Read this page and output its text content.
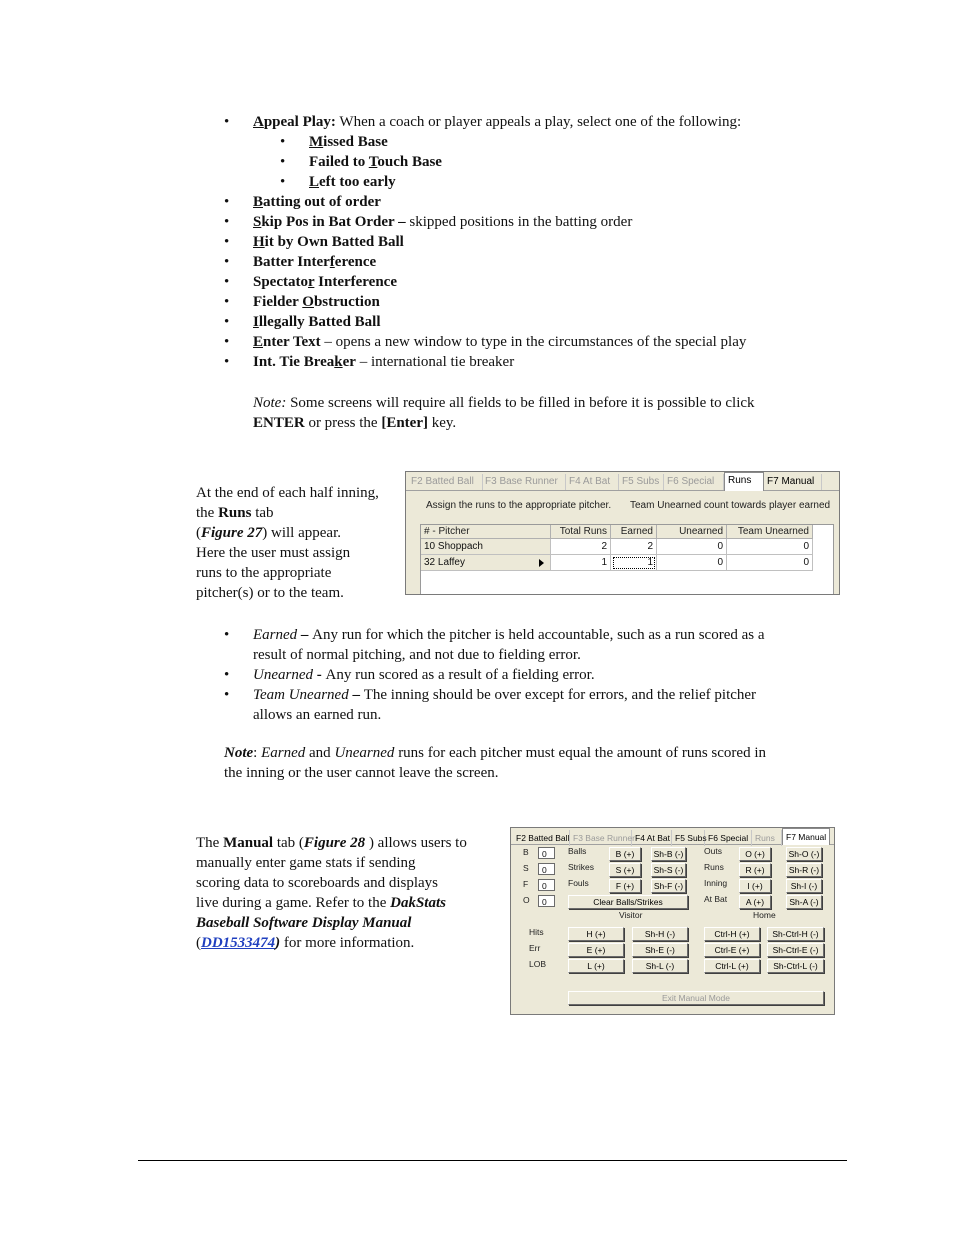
• Appeal Play: When a coach or player appeals a play, select one of the following:
• Missed Base
• Failed to Touch Base
• Left too early
• Batting out of order
• Skip Pos in Bat Order – skipped positions in the batting order
• Hit by Own Batted Ball
• Batter Interference
• Spectator Interference
• Fielder Obstruction
• Illegally Batted Ball
• Enter Text – opens a new window to type in the circumstances of the special play
• Int. Tie Breaker – international tie breaker
Note: Some screens will require all fields to be filled in before it is possible to click
ENTER or press the [Enter] key.
At the end of each half inning, the Runs tab
(Figure 27) will appear.
Here the user must assign
runs to the appropriate
pitcher(s) or to the team.
F2 Batted Ball	F3 Base Runner	F4 At Bat	F5 Subs F6 Special	Runs	F7 Manual
Assign the runs to the appropriate pitcher. Team Unearned count towards player earned
# - Pitcher	Total Runs	Earned	Unearned	Team Unearned
10 Shoppach	2	2	0	0
32 Laffey	1	1	0	0
• Earned – Any run for which the pitcher is held accountable, such as a run scored as a
result of normal pitching, and not due to fielding error.
• Unearned - Any run scored as a result of a fielding error.
• Team Unearned – The inning should be over except for errors, and the relief pitcher
allows an earned run.
Note: Earned and Unearned runs for each pitcher must equal the amount of runs scored in
the inning or the user cannot leave the screen.
The Manual tab (Figure 28 ) allows users to
manually enter game stats if sending
scoring data to scoreboards and displays
live during a game. Refer to the DakStats
Baseball Software Display Manual
(DD1533474) for more information.
F2 Batted Ball F3 Base Runner F4 At Bat F5 Subs F6 Special Runs	F7 Manual
B	0
S	0
F	0
O	0
Balls
Strikes
Fouls
B (+)
S (+)
F (+)
Sh-B (-)
Sh-S (-)
Sh-F (-)
Clear Balls/Strikes
Visitor
Outs
Runs
Inning
At Bat
O (+)
R (+)
I (+)
A (+)
Sh-O (-)
Sh-R (-)
Sh-I (-)
Sh-A (-)
Home
Hits
Err
LOB
H (+)
E (+)
L (+)
Sh-H (-)
Sh-E (-)
Sh-L (-)
Ctrl-H (+)
Ctrl-E (+)
Ctrl-L (+)
Sh-Ctrl-H (-)
Sh-Ctrl-E (-)
Sh-Ctrl-L (-)
Exit Manual Mode
